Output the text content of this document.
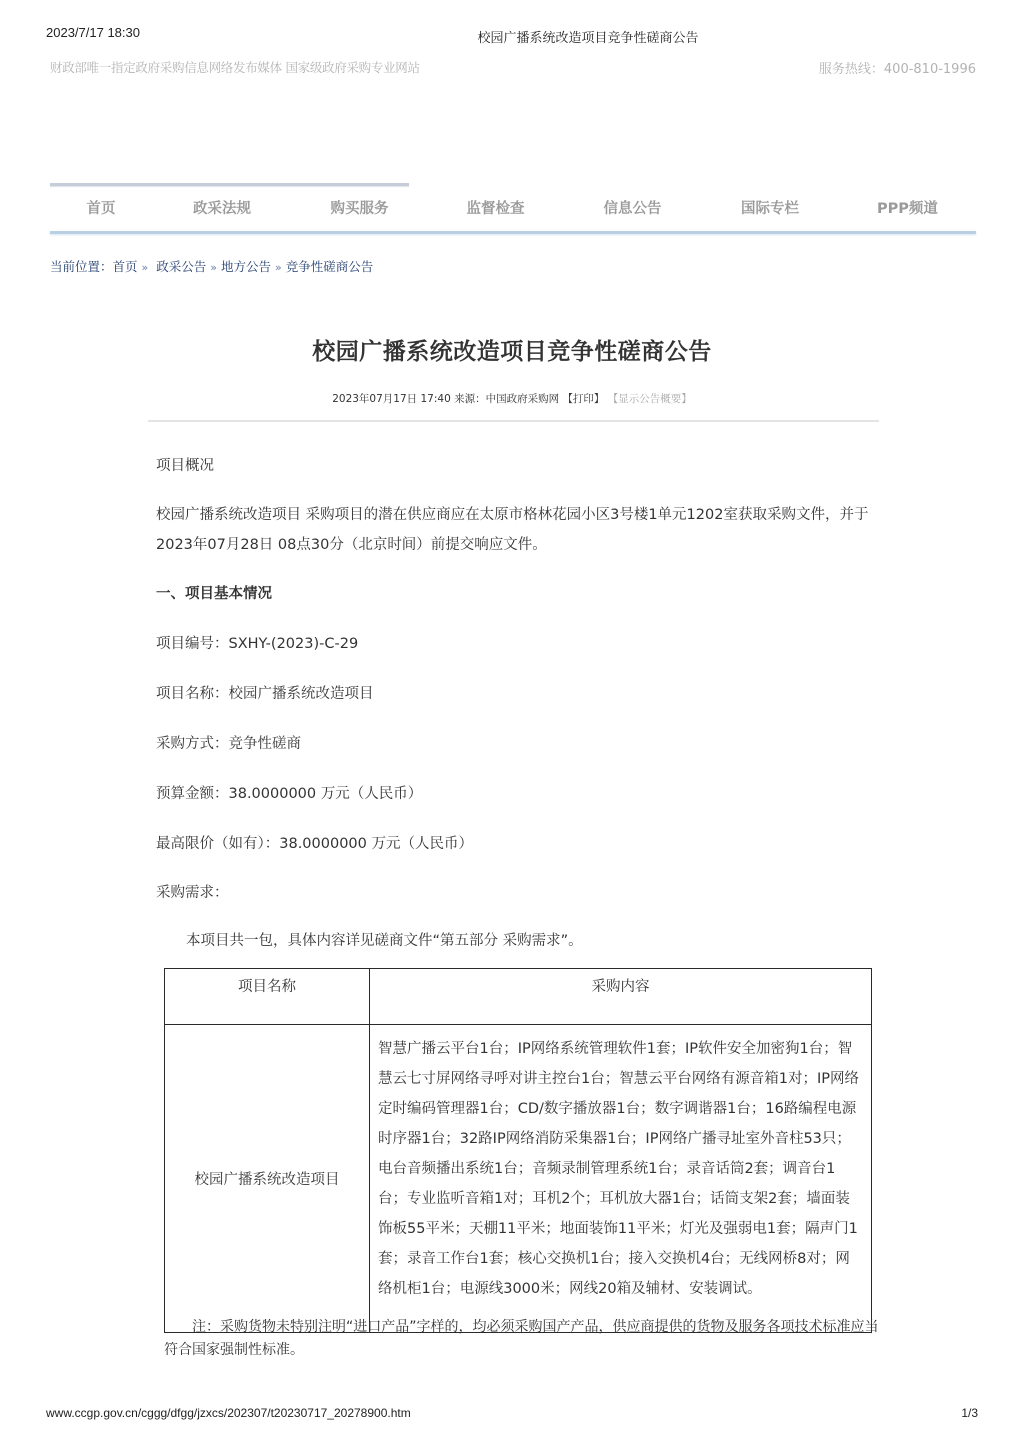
2023/7/17 18:30	校园广播系统改造项目竞争性磋商公告
财政部唯一指定政府采购信息网络发布媒体 国家级政府采购专业网站	服务热线：400-810-1996
首页	政采法规	购买服务	监督检查	信息公告	国际专栏	PPP频道
当前位置：首页 » 政采公告 » 地方公告 » 竞争性磋商公告
校园广播系统改造项目竞争性磋商公告
2023年07月17日 17:40 来源：中国政府采购网 【打印】 【显示公告概要】
项目概况
校园广播系统改造项目 采购项目的潜在供应商应在太原市格林花园小区3号楼1单元1202室获取采购文件，并于2023年07月28日 08点30分（北京时间）前提交响应文件。
一、项目基本情况
项目编号：SXHY-(2023)-C-29
项目名称：校园广播系统改造项目
采购方式：竞争性磋商
预算金额：38.0000000 万元（人民币）
最高限价（如有）：38.0000000 万元（人民币）
采购需求：
本项目共一包，具体内容详见磋商文件“第五部分 采购需求”。
项目名称	采购内容
校园广播系统改造项目	智慧广播云平台1台；IP网络系统管理软件1套；IP软件安全加密狗1台；智慧云七寸屏网络寻呼对讲主控台1台；智慧云平台网络有源音箱1对；IP网络定时编码管理器1台；CD/数字播放器1台；数字调谐器1台；16路编程电源时序器1台；32路IP网络消防采集器1台；IP网络广播寻址室外音柱53只；电台音频播出系统1台；音频录制管理系统1台；录音话筒2套；调音台1台；专业监听音箱1对；耳机2个；耳机放大器1台；话筒支架2套；墙面装饰板55平米；天棚11平米；地面装饰11平米；灯光及强弱电1套；隔声门1套；录音工作台1套；核心交换机1台；接入交换机4台；无线网桥8对；网络机柜1台；电源线3000米；网线20箱及辅材、安装调试。
注：采购货物未特别注明“进口产品”字样的，均必须采购国产产品，供应商提供的货物及服务各项技术标准应当符合国家强制性标准。
www.ccgp.gov.cn/cggg/dfgg/jzxcs/202307/t20230717_20278900.htm	1/3
